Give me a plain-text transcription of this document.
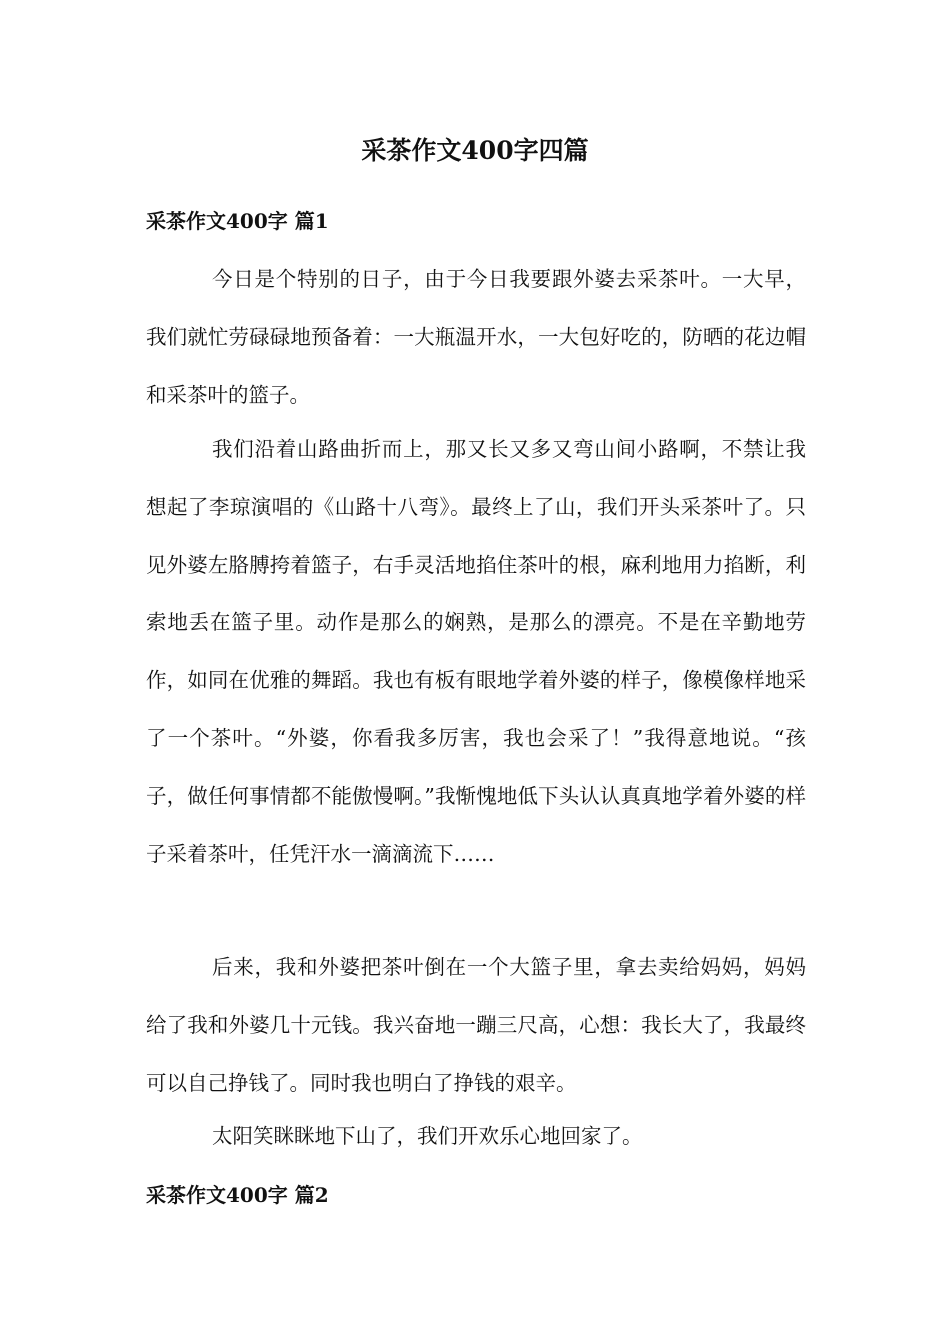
采茶作文400字四篇
采茶作文400字 篇1

今日是个特别的日子，由于今日我要跟外婆去采茶叶。一大早，我们就忙劳碌碌地预备着：一大瓶温开水，一大包好吃的，防晒的花边帽和采茶叶的篮子。

我们沿着山路曲折而上，那又长又多又弯山间小路啊，不禁让我想起了李琼演唱的《山路十八弯》。最终上了山，我们开头采茶叶了。只见外婆左胳膊挎着篮子，右手灵活地掐住茶叶的根，麻利地用力掐断，利索地丢在篮子里。动作是那么的娴熟，是那么的漂亮。不是在辛勤地劳作，如同在优雅的舞蹈。我也有板有眼地学着外婆的样子，像模像样地采了一个茶叶。“外婆，你看我多厉害，我也会采了！”我得意地说。“孩子，做任何事情都不能傲慢啊。”我惭愧地低下头认认真真地学着外婆的样子采着茶叶，任凭汗水一滴滴流下……

后来，我和外婆把茶叶倒在一个大篮子里，拿去卖给妈妈，妈妈给了我和外婆几十元钱。我兴奋地一蹦三尺高，心想：我长大了，我最终可以自己挣钱了。同时我也明白了挣钱的艰辛。

太阳笑眯眯地下山了，我们开欢乐心地回家了。

采茶作文400字 篇2
